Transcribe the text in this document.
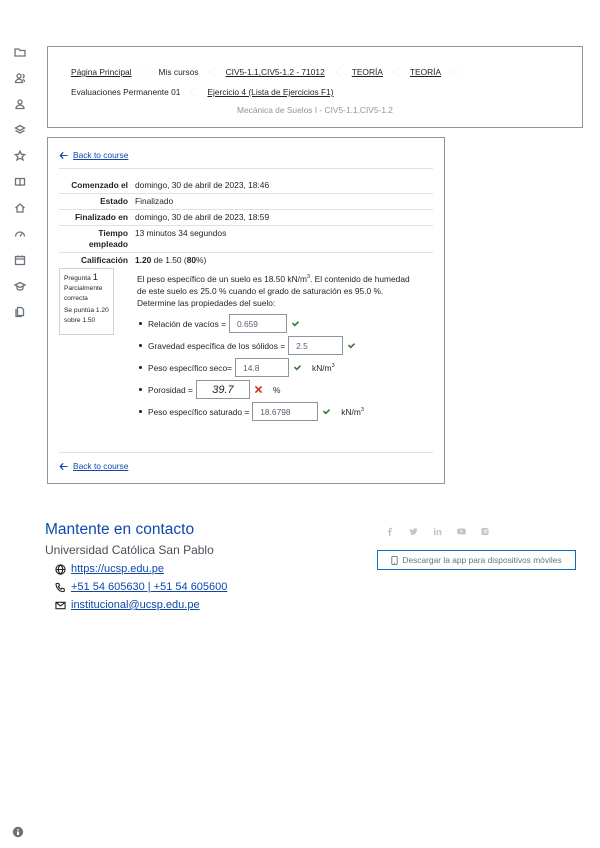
Página Principal	Mis cursos	CIV5-1.1,CIV5-1.2 - 71012	TEORÍA	TEORÍA
Evaluaciones Permanente 01	Ejercicio 4 (Lista de Ejercicios F1)
Mecánica de Suelos I - CIV5-1.1,CIV5-1.2
Back to course
Comenzado el domingo, 30 de abril de 2023, 18:46
Estado Finalizado
Finalizado en domingo, 30 de abril de 2023, 18:59
Tiempo empleado
13 minutos 34 segundos
Calificación 1.20 de 1.50 (80%)
Pregunta 1
Parcialmente correcta
Se puntúa 1.20 sobre 1.50
El peso específico de un suelo es 18.50 $kN/m^3$. El contenido de humedad de este suelo es 25.0 % cuando el grado de saturación es 95.0 %. Determine las propiedades del suelo:
Relación de vacíos =	0.659
Gravedad específica de los sólidos =	2.5
Peso específico seco=	14.8	$kN/m^3$
Porosidad =	39.7	%
Peso específico saturado =	18.6798	$kN/m^3$
Back to course
Mantente en contacto
Universidad Católica San Pablo
https://ucsp.edu.pe
+51 54 605630 | +51 54 605600
institucional@ucsp.edu.pe
Descargar la app para dispositivos móviles
